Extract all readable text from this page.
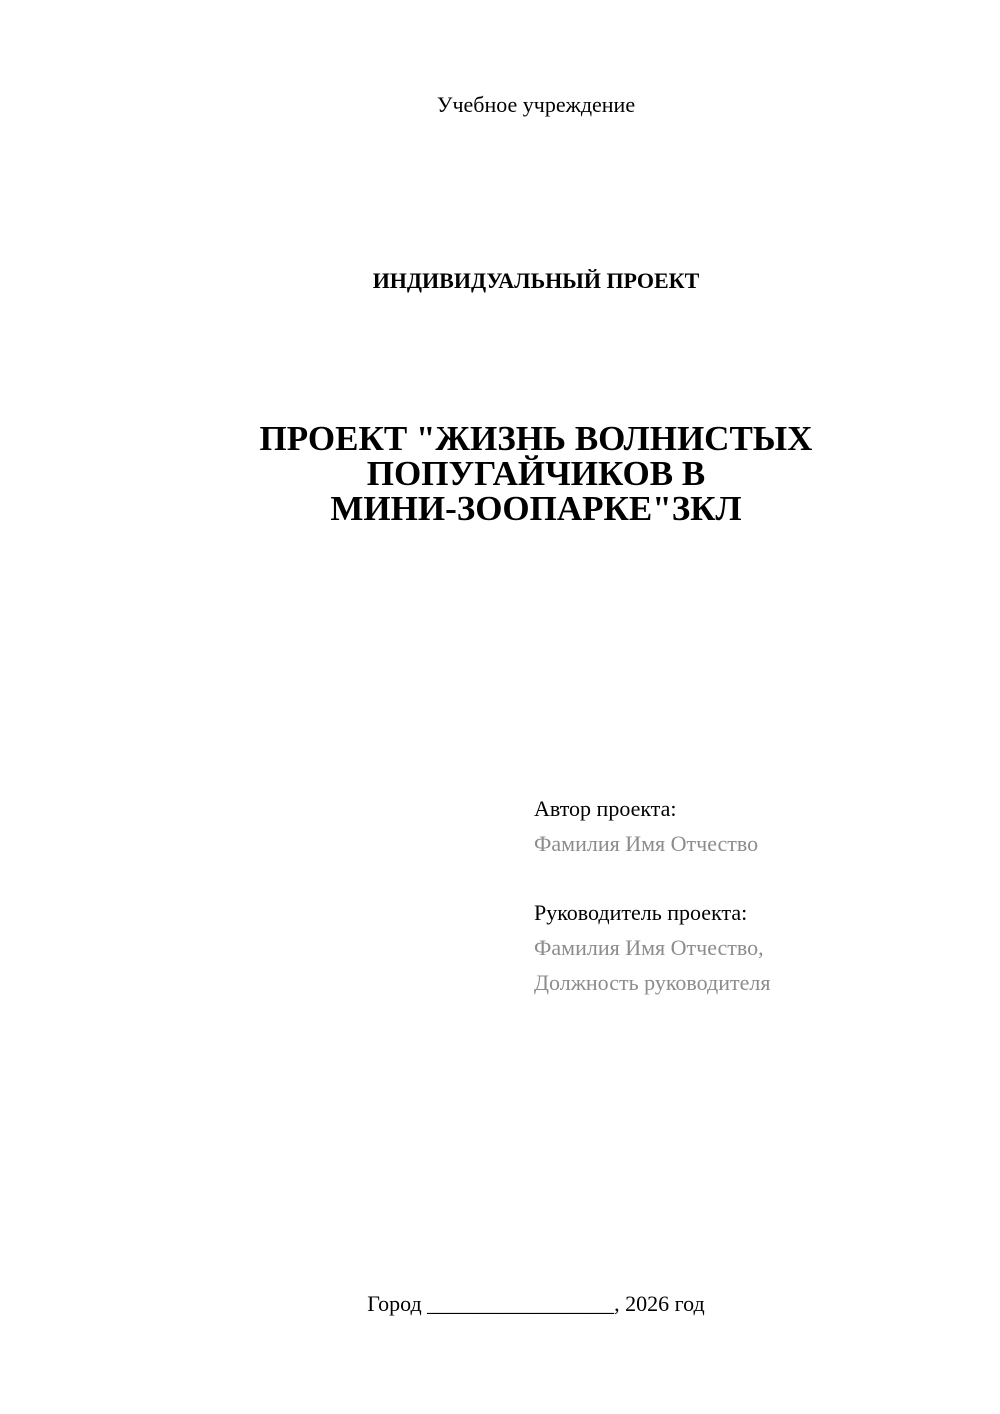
Учебное учреждение
ИНДИВИДУАЛЬНЫЙ ПРОЕКТ
ПРОЕКТ "ЖИЗНЬ ВОЛНИСТЫХ
ПОПУГАЙЧИКОВ В
МИНИ-ЗООПАРКЕ"ЗКЛ
Автор проекта:
Фамилия Имя Отчество
Руководитель проекта:
Фамилия Имя Отчество,
Должность руководителя
Город _________________, 2026 год
